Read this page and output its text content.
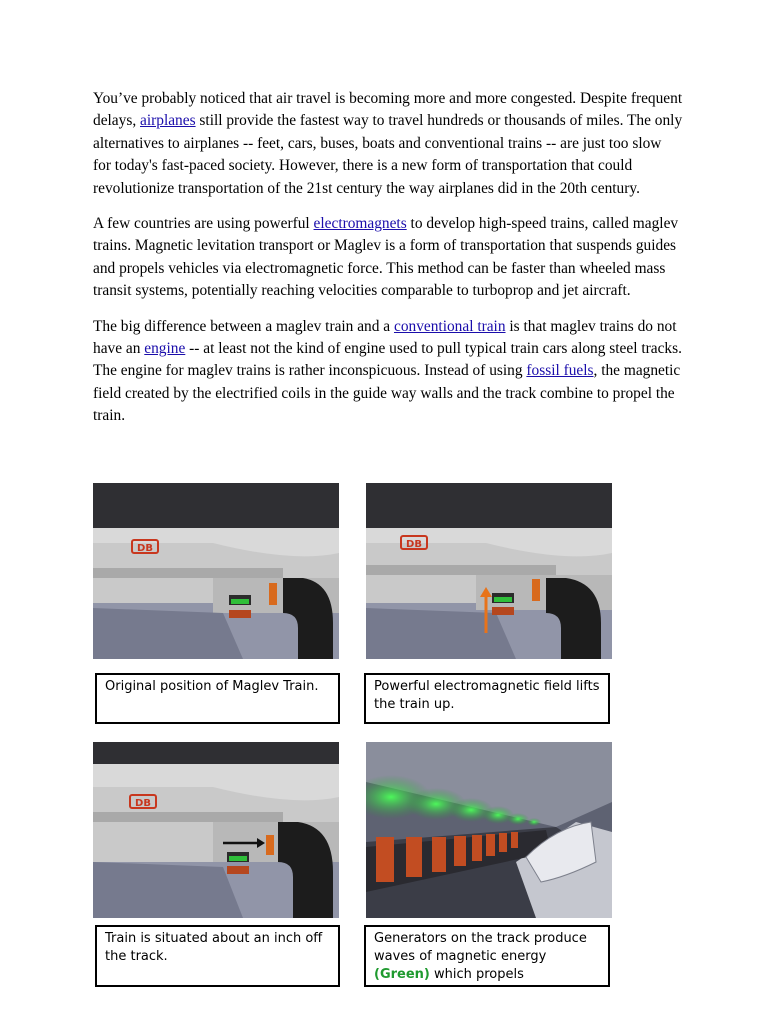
You’ve probably noticed that air travel is becoming more and more congested. Despite frequent delays, airplanes still provide the fastest way to travel hundreds or thousands of miles. The only alternatives to airplanes -- feet, cars, buses, boats and conventional trains -- are just too slow for today's fast-paced society. However, there is a new form of transportation that could revolutionize transportation of the 21st century the way airplanes did in the 20th century.

A few countries are using powerful electromagnets to develop high-speed trains, called maglev trains. Magnetic levitation transport or Maglev is a form of transportation that suspends guides and propels vehicles via electromagnetic force. This method can be faster than wheeled mass transit systems, potentially reaching velocities comparable to turboprop and jet aircraft.

The big difference between a maglev train and a conventional train is that maglev trains do not have an engine -- at least not the kind of engine used to pull typical train cars along steel tracks. The engine for maglev trains is rather inconspicuous. Instead of using fossil fuels, the magnetic field created by the electrified coils in the guide way walls and the track combine to propel the train.

DB	DB
Original position of Maglev Train.	Powerful electromagnetic field lifts the train up.
DB
Train is situated about an inch off the track.
Generators on the track produce waves of magnetic energy (Green) which propels
